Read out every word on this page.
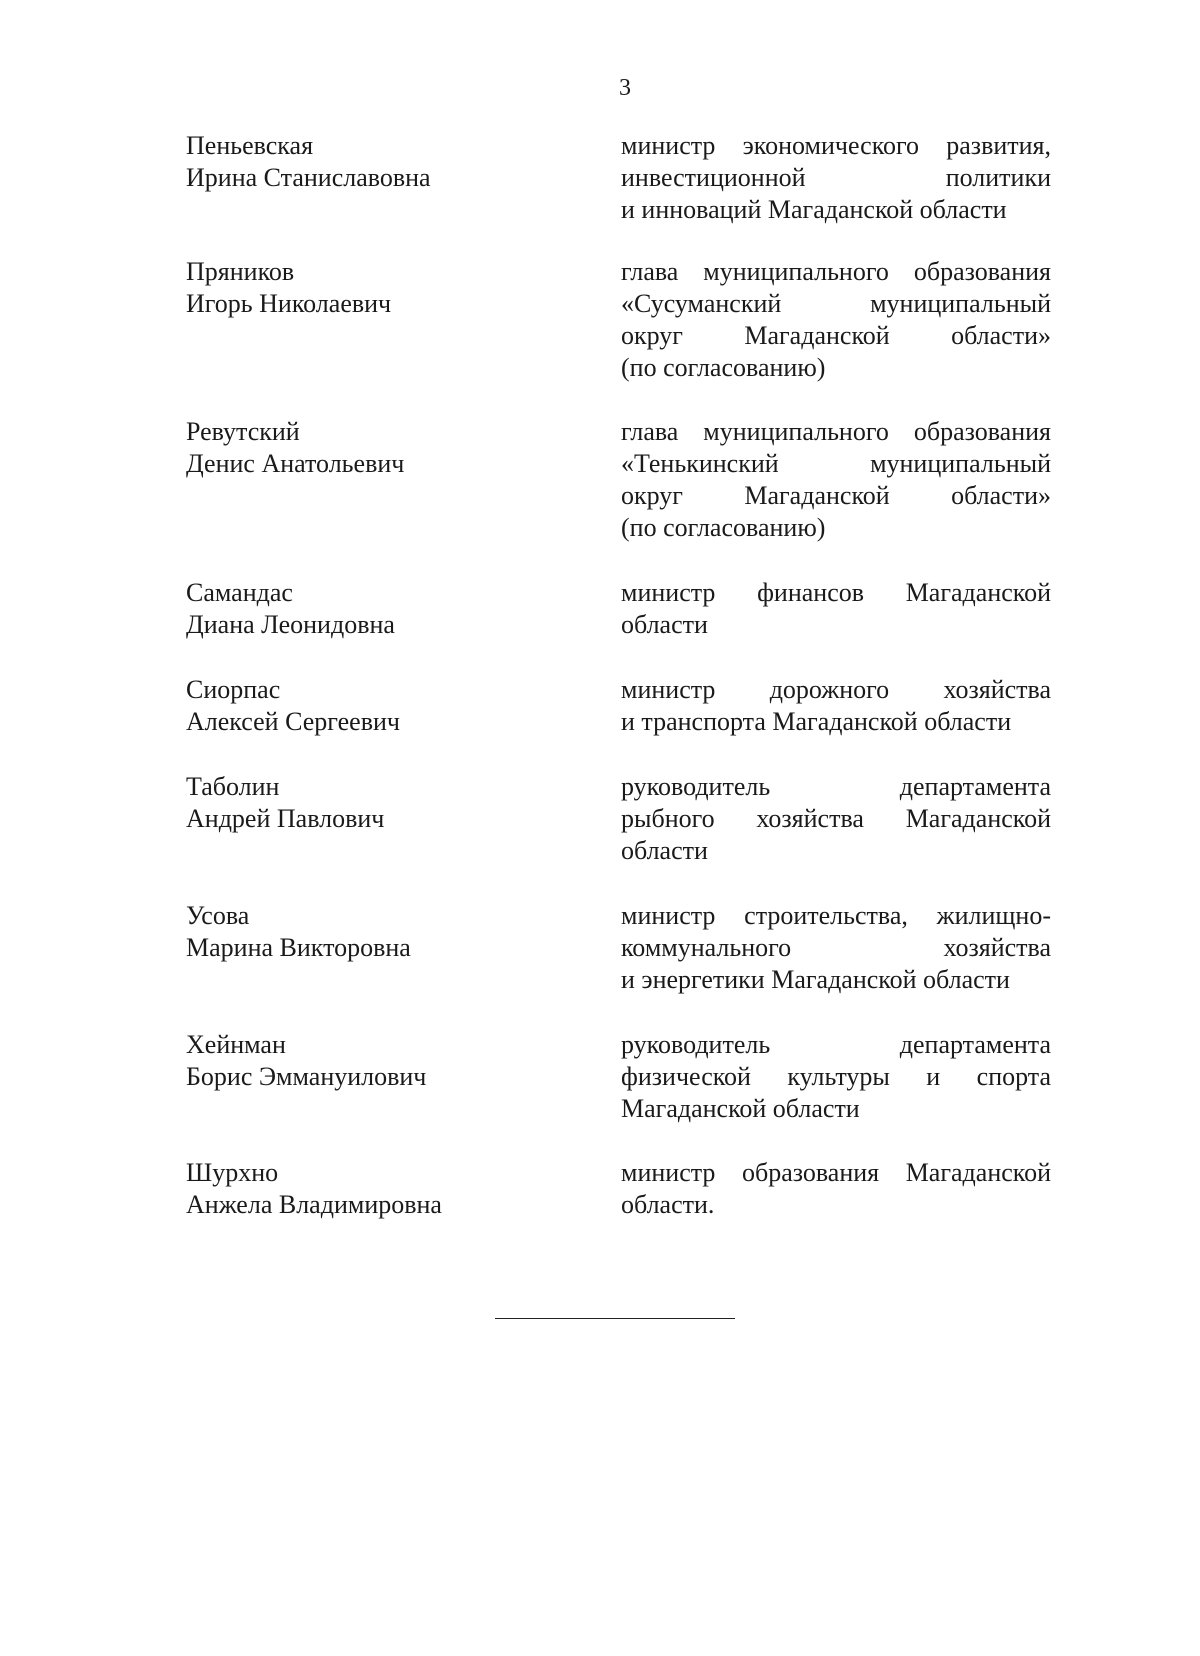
3
Пеньевская
Ирина Станиславовна
министр экономического развития,
инвестиционной политики
и инноваций Магаданской области
Пряников
Игорь Николаевич
глава муниципального образования
«Сусуманский муниципальный
округ Магаданской области»
(по согласованию)
Ревутский
Денис Анатольевич
глава муниципального образования
«Тенькинский муниципальный
округ Магаданской области»
(по согласованию)
Самандас
Диана Леонидовна
министр финансов Магаданской
области
Сиорпас
Алексей Сергеевич
министр дорожного хозяйства
и транспорта Магаданской области
Таболин
Андрей Павлович
руководитель департамента
рыбного хозяйства Магаданской
области
Усова
Марина Викторовна
министр строительства, жилищно-
коммунального хозяйства
и энергетики Магаданской области
Хейнман
Борис Эммануилович
руководитель департамента
физической культуры и спорта
Магаданской области
Шурхно
Анжела Владимировна
министр образования Магаданской
области.
